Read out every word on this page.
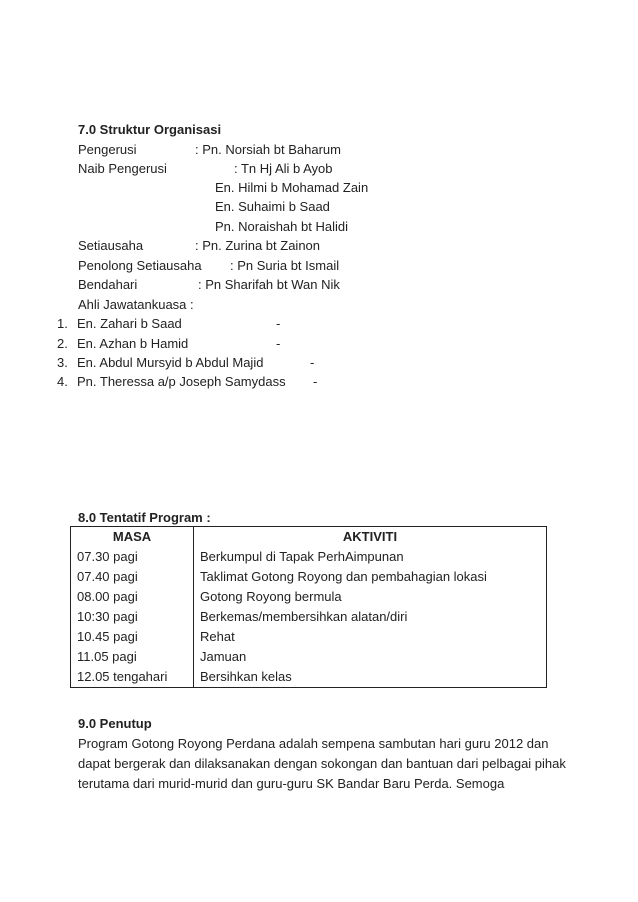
7.0 Struktur Organisasi
Pengerusi	: Pn. Norsiah bt Baharum
Naib Pengerusi	: Tn Hj Ali b Ayob
En. Hilmi b Mohamad Zain
En. Suhaimi b Saad
Pn. Noraishah bt Halidi
Setiausaha	: Pn. Zurina bt Zainon
Penolong Setiausaha : Pn Suria bt Ismail
Bendahari	: Pn Sharifah bt Wan Nik
Ahli Jawatankuasa :
1. En. Zahari b Saad	-
2. En. Azhan b Hamid	-
3. En. Abdul Mursyid b Abdul Majid	-
4. Pn. Theressa a/p Joseph Samydass -
8.0 Tentatif Program :
MASA	AKTIVITI
07.30 pagi	Berkumpul di Tapak PerhAimpunan
07.40 pagi	Taklimat Gotong Royong dan pembahagian lokasi
08.00 pagi	Gotong Royong bermula
10:30 pagi	Berkemas/membersihkan alatan/diri
10.45 pagi	Rehat
11.05 pagi	Jamuan
12.05 tengahari	Bersihkan kelas
9.0 Penutup
Program Gotong Royong Perdana adalah sempena sambutan hari guru 2012 dan
dapat bergerak dan dilaksanakan dengan sokongan dan bantuan dari pelbagai pihak
terutama dari murid-murid dan guru-guru SK Bandar Baru Perda. Semoga
